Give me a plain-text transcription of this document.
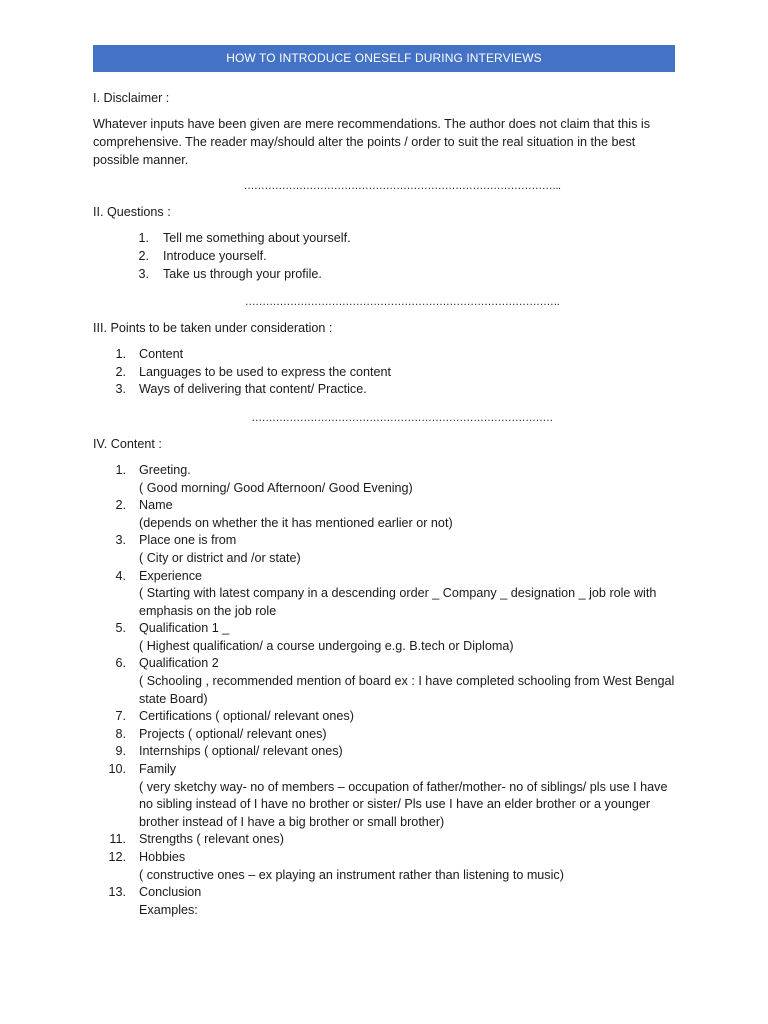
HOW TO INTRODUCE ONESELF DURING INTERVIEWS
I. Disclaimer :
Whatever inputs have been given are mere recommendations. The author does not claim that this is comprehensive. The reader may/should alter the points / order to suit the real situation in the best possible manner.
………………………………………………………………………………..
II. Questions :
1. Tell me something about yourself.
2. Introduce yourself.
3. Take us through your profile.
……………………………………………………………………………….
III. Points to be taken under consideration :
1. Content
2. Languages to be used to express the content
3. Ways of delivering that content/ Practice.
……………………………………………………………………………
IV. Content :
1. Greeting.
( Good morning/ Good Afternoon/ Good Evening)
2. Name
(depends on whether the it has mentioned earlier or not)
3. Place one is from
( City or district and /or state)
4. Experience
( Starting with latest company in a descending order _ Company _ designation _ job role with emphasis on the job role
5. Qualification 1 _
( Highest qualification/ a course undergoing e.g. B.tech or Diploma)
6. Qualification 2
( Schooling , recommended mention of board ex : I have completed schooling from West Bengal state Board)
7. Certifications ( optional/ relevant ones)
8. Projects ( optional/ relevant ones)
9. Internships ( optional/ relevant ones)
10. Family
( very sketchy way- no of members – occupation of father/mother- no of siblings/ pls use I have no sibling instead of I have no brother or sister/ Pls use I have an elder brother or a younger brother instead of I have a big brother or small brother)
11. Strengths ( relevant ones)
12. Hobbies
( constructive ones – ex playing an instrument rather than listening to music)
13. Conclusion
Examples:
